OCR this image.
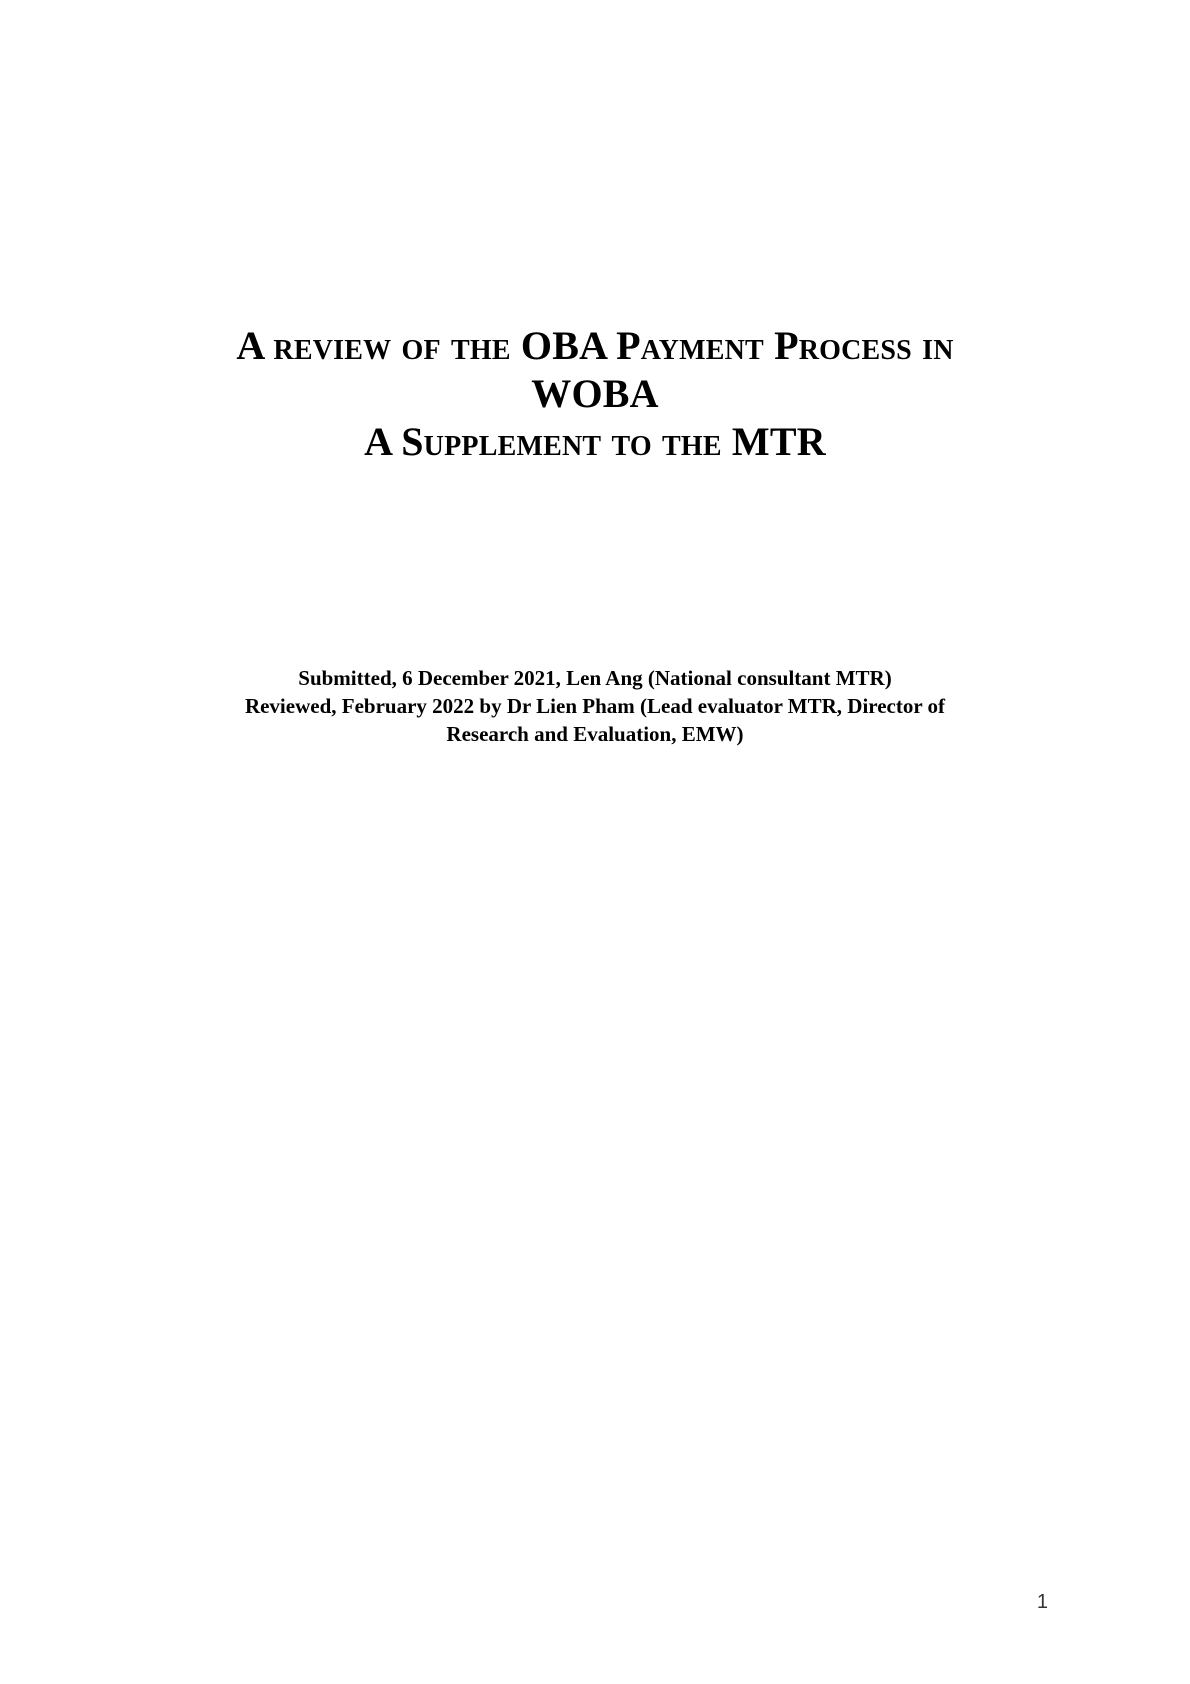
A review of the OBA Payment Process in

WOBA

A Supplement to the MTR

Submitted, 6 December 2021, Len Ang (National consultant MTR)

Reviewed, February 2022 by Dr Lien Pham (Lead evaluator MTR, Director of

Research and Evaluation, EMW)

1
